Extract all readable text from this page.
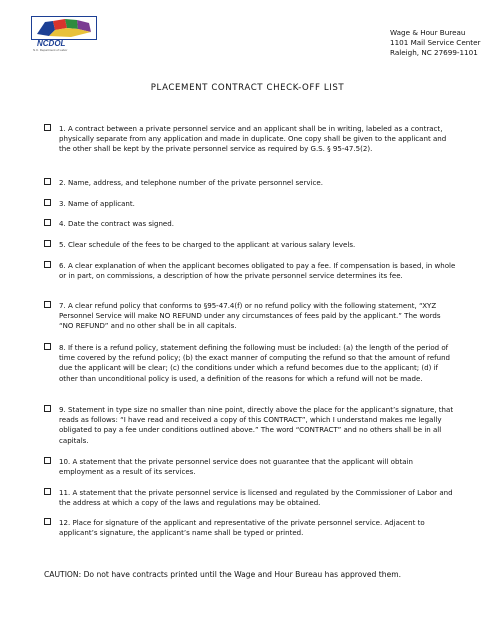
NCDOL
N.C. Department of Labor
Wage & Hour Bureau
1101 Mail Service Center
Raleigh, NC 27699-1101
PLACEMENT CONTRACT CHECK-OFF LIST
1. A contract between a private personnel service and an applicant shall be in writing, labeled as a contract, physically separate from any application and made in duplicate. One copy shall be given to the applicant and the other shall be kept by the private personnel service as required by G.S. § 95-47.5(2).
2. Name, address, and telephone number of the private personnel service.
3. Name of applicant.
4. Date the contract was signed.
5. Clear schedule of the fees to be charged to the applicant at various salary levels.
6. A clear explanation of when the applicant becomes obligated to pay a fee. If compensation is based, in whole or in part, on commissions, a description of how the private personnel service determines its fee.
7. A clear refund policy that conforms to §95-47.4(f) or no refund policy with the following statement, “XYZ Personnel Service will make NO REFUND under any circumstances of fees paid by the applicant.” The words “NO REFUND” and no other shall be in all capitals.
8. If there is a refund policy, statement defining the following must be included: (a) the length of the period of time covered by the refund policy; (b) the exact manner of computing the refund so that the amount of refund due the applicant will be clear; (c) the conditions under which a refund becomes due to the applicant; (d) if other than unconditional policy is used, a definition of the reasons for which a refund will not be made.
9. Statement in type size no smaller than nine point, directly above the place for the applicant’s signature, that reads as follows: “I have read and received a copy of this CONTRACT”, which I understand makes me legally obligated to pay a fee under conditions outlined above.” The word “CONTRACT” and no others shall be in all capitals.
10. A statement that the private personnel service does not guarantee that the applicant will obtain employment as a result of its services.
11. A statement that the private personnel service is licensed and regulated by the Commissioner of Labor and the address at which a copy of the laws and regulations may be obtained.
12. Place for signature of the applicant and representative of the private personnel service. Adjacent to applicant’s signature, the applicant’s name shall be typed or printed.
CAUTION: Do not have contracts printed until the Wage and Hour Bureau has approved them.
